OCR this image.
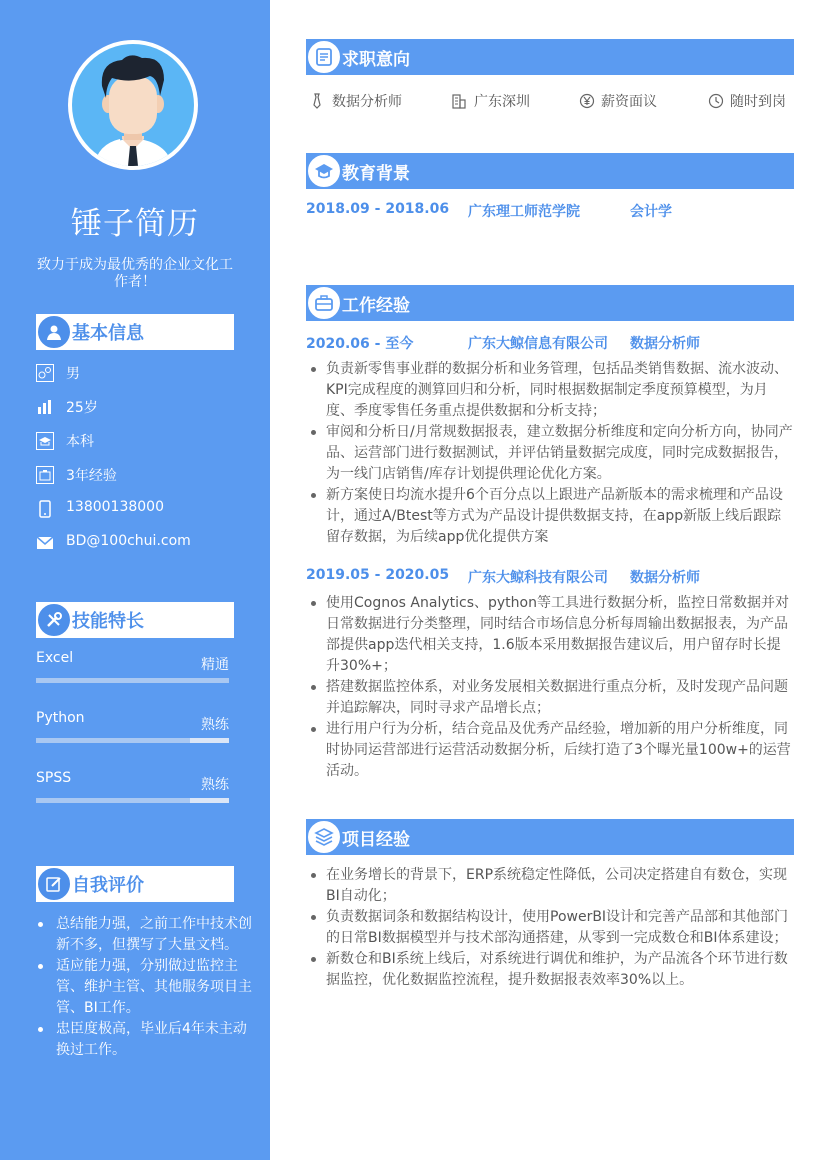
锤子简历
致力于成为最优秀的企业文化工作者！
基本信息
男
25岁
本科
3年经验
13800138000
BD@100chui.com
技能特长
Excel	精通
Python	熟练
SPSS	熟练
自我评价
总结能力强，之前工作中技术创新不多，但撰写了大量文档。
适应能力强，分别做过监控主管、维护主管、其他服务项目主管、BI工作。
忠臣度极高，毕业后4年未主动换过工作。
求职意向
数据分析师	广东深圳	薪资面议	随时到岗
教育背景
2018.09 - 2018.06 广东理工师范学院	会计学
工作经验
2020.06 - 至今	广东大鲸信息有限公司 数据分析师
负责新零售事业群的数据分析和业务管理，包括品类销售数据、流水波动、KPI完成程度的测算回归和分析，同时根据数据制定季度预算模型，为月度、季度零售任务重点提供数据和分析支持；
审阅和分析日/月常规数据报表，建立数据分析维度和定向分析方向，协同产品、运营部门进行数据测试，并评估销量数据完成度，同时完成数据报告，为一线门店销售/库存计划提供理论优化方案。
新方案使日均流水提升6个百分点以上跟进产品新版本的需求梳理和产品设计，通过A/Btest等方式为产品设计提供数据支持，在app新版上线后跟踪留存数据，为后续app优化提供方案
2019.05 - 2020.05 广东大鲸科技有限公司 数据分析师
使用Cognos Analytics、python等工具进行数据分析，监控日常数据并对日常数据进行分类整理，同时结合市场信息分析每周输出数据报表，为产品部提供app迭代相关支持，1.6版本采用数据报告建议后，用户留存时长提升30%+；
搭建数据监控体系，对业务发展相关数据进行重点分析，及时发现产品问题并追踪解决，同时寻求产品增长点；
进行用户行为分析，结合竞品及优秀产品经验，增加新的用户分析维度，同时协同运营部进行运营活动数据分析，后续打造了3个曝光量100w+的运营活动。
项目经验
在业务增长的背景下，ERP系统稳定性降低，公司决定搭建自有数仓，实现BI自动化；
负责数据词条和数据结构设计，使用PowerBI设计和完善产品部和其他部门的日常BI数据模型并与技术部沟通搭建，从零到一完成数仓和BI体系建设；
新数仓和BI系统上线后，对系统进行调优和维护，为产品流各个环节进行数据监控，优化数据监控流程，提升数据报表效率30%以上。
